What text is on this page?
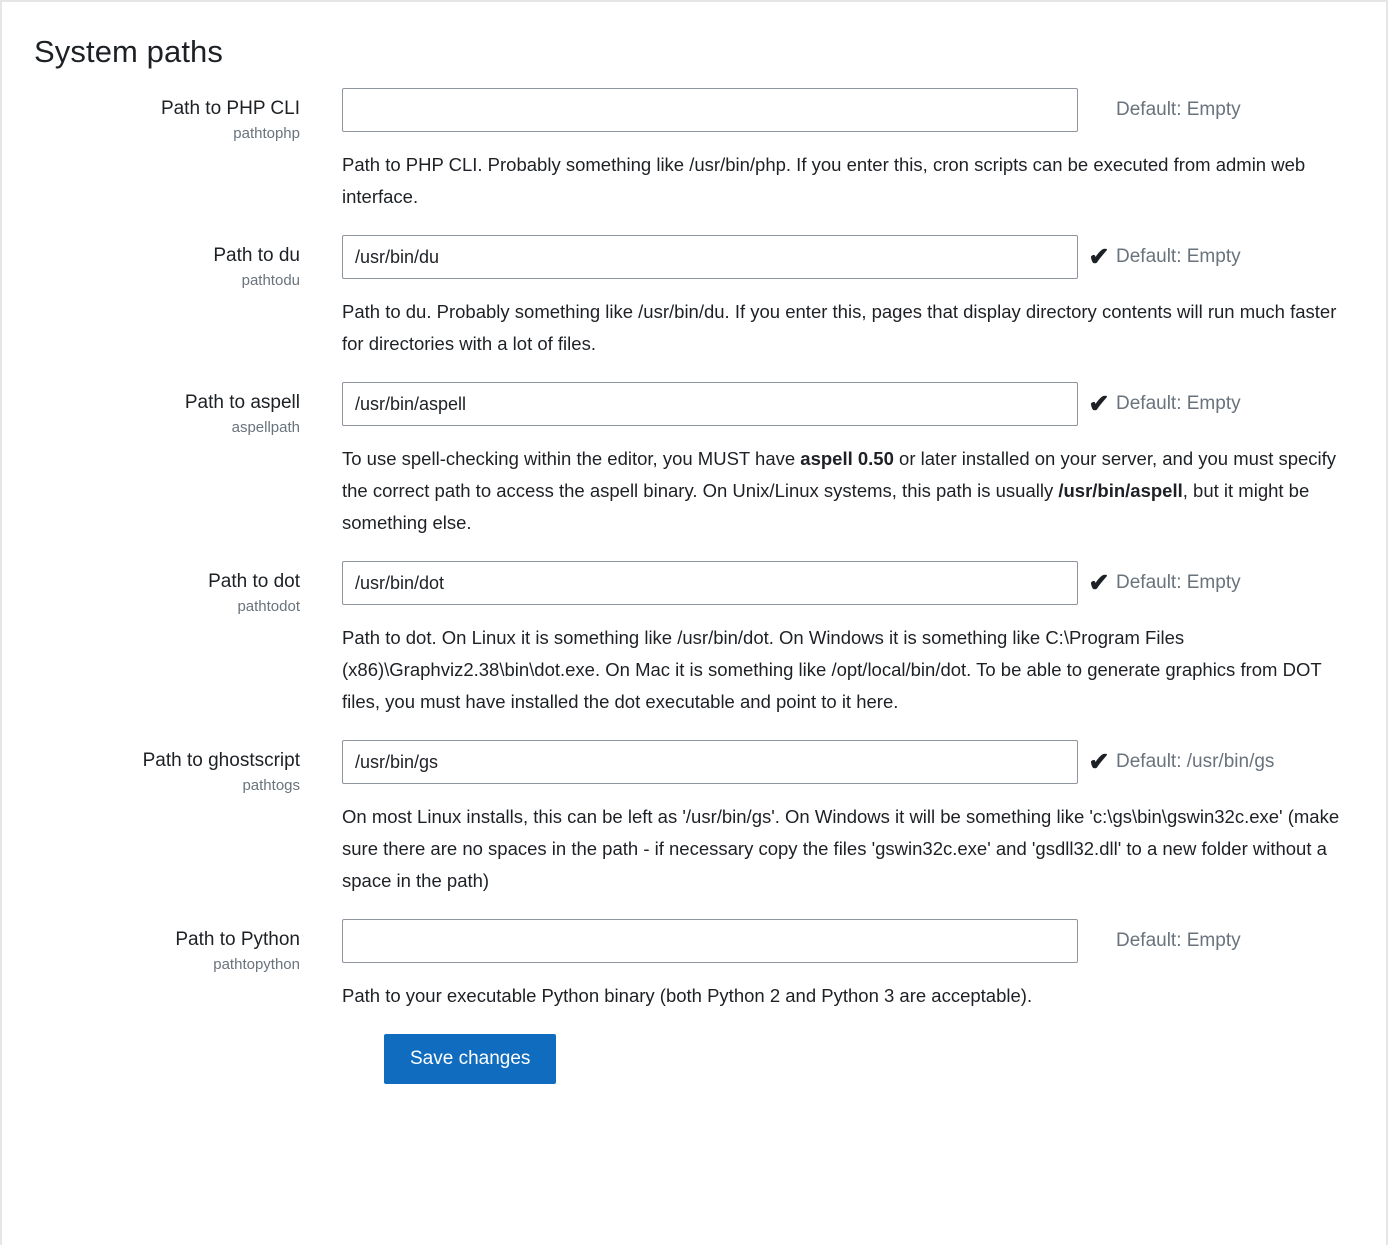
System paths
Path to PHP CLI
pathtophp
Default: Empty

Path to PHP CLI. Probably something like /usr/bin/php. If you enter this, cron scripts can be executed from admin web interface.

Path to du
pathtodu
/usr/bin/du
✔ Default: Empty

Path to du. Probably something like /usr/bin/du. If you enter this, pages that display directory contents will run much faster for directories with a lot of files.

Path to aspell
aspellpath
/usr/bin/aspell
✔ Default: Empty

To use spell-checking within the editor, you MUST have aspell 0.50 or later installed on your server, and you must specify the correct path to access the aspell binary. On Unix/Linux systems, this path is usually /usr/bin/aspell, but it might be something else.

Path to dot
pathtodot
/usr/bin/dot
✔ Default: Empty

Path to dot. On Linux it is something like /usr/bin/dot. On Windows it is something like C:\Program Files (x86)\Graphviz2.38\bin\dot.exe. On Mac it is something like /opt/local/bin/dot. To be able to generate graphics from DOT files, you must have installed the dot executable and point to it here.

Path to ghostscript
pathtogs
/usr/bin/gs
✔ Default: /usr/bin/gs

On most Linux installs, this can be left as '/usr/bin/gs'. On Windows it will be something like 'c:\gs\bin\gswin32c.exe' (make sure there are no spaces in the path - if necessary copy the files 'gswin32c.exe' and 'gsdll32.dll' to a new folder without a space in the path)

Path to Python
pathtopython
Default: Empty

Path to your executable Python binary (both Python 2 and Python 3 are acceptable).

Save changes
